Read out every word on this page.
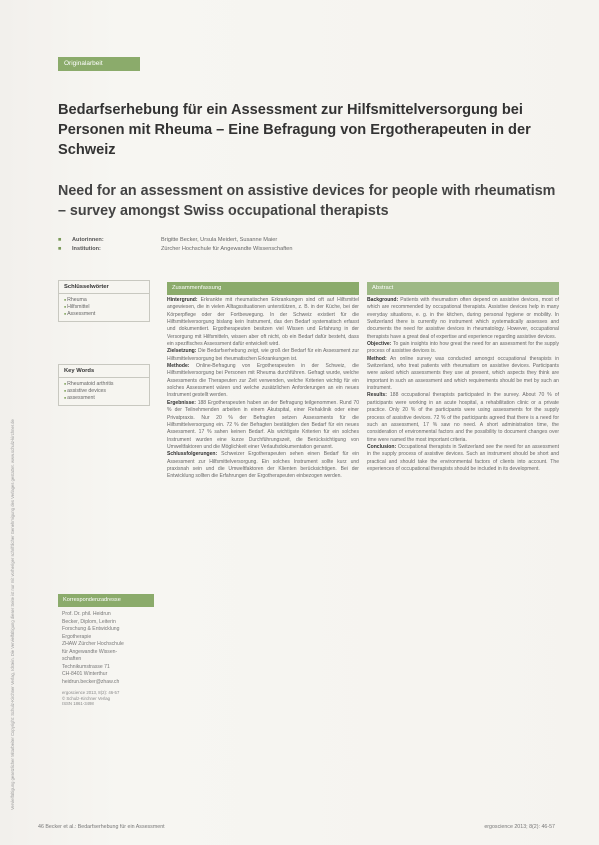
Vervielfältigung gesetzlicher Mitarbeiter Copyright: Schulz-Kirchner Verlag, Idstein. Die Vervielfältigung dieser Seite ist nur mit vorheriger schriftlicher Genehmigung des Verlages gestattet. www.schulz-kirchner.de
Originalarbeit
Bedarfserhebung für ein Assessment zur Hilfsmittelversorgung bei Personen mit Rheuma – Eine Befragung von Ergotherapeuten in der Schweiz
Need for an assessment on assistive devices for people with rheumatism – survey amongst Swiss occupational therapists
■	Autorinnen:	Brigitte Becker, Ursula Meidert, Susanne Maier
■	Institution:	Zürcher Hochschule für Angewandte Wissenschaften
Schlüsselwörter
■ Rheuma
■ Hilfsmittel
■ Assessment
Key Words
■ Rheumatoid arthritis
■ assistive devices
■ assessment
Korrespondenzadresse

Prof. Dr. phil. Heidrun

Becker, Diplom, Leiterin

Forschung & Entwicklung

Ergotherapie

ZHAW Zürcher Hochschule

für Angewandte Wissen-

schaften

Technikumstrasse 71

CH-8401 Winterthur

heidrun.becker@zhaw.ch

ergoscience 2013, 8(2): 46-57

© Schulz-Kirchner Verlag

ISSN 1861-3498

Zusammenfassung

Hintergrund: Erkrankte mit rheumatischen Erkrankungen sind oft auf Hilfsmittel angewiesen, die in vielen Alltagssituationen unterstützen, z. B. in der Küche, bei der Körperpflege oder der Fortbewegung. In der Schweiz existiert für die Hilfsmittelversorgung bislang kein Instrument, das den Bedarf systematisch erfasst und dokumentiert. Ergotherapeuten besitzen viel Wissen und Erfahrung in der Versorgung mit Hilfsmitteln, wissen aber oft nicht, ob ein Bedarf dafür besteht, dass ein spezifisches Assessment dafür entwickelt wird.

Zielsetzung: Die Bedarfserhebung zeigt, wie groß der Bedarf für ein Assessment zur Hilfsmittelversorgung bei rheumatischen Erkrankungen ist.

Methode: Online-Befragung von Ergotherapeuten in der Schweiz, die Hilfsmittelversorgung bei Personen mit Rheuma durchführen. Gefragt wurde, welche Assessments die Therapeuten zur Zeit verwenden, welche Kriterien wichtig für ein solches Assessment wären und welche zusätzlichen Anforderungen an ein neues Instrument gestellt werden.

Ergebnisse: 188 Ergotherapeuten haben an der Befragung teilgenommen. Rund 70 % der Teilnehmenden arbeiten in einem Akutspital, einer Rehaklinik oder einer Privatpraxis. Nur 20 % der Befragten setzen Assessments für die Hilfsmittelversorgung ein. 72 % der Befragten bestätigten den Bedarf für ein neues Assessment. 17 % sahen keinen Bedarf. Als wichtigste Kriterien für ein solches Instrument wurden eine kurze Durchführungszeit, die Berücksichtigung von Umweltfaktoren und die Möglichkeit einer Verlaufsdokumentation genannt.

Schlussfolgerungen: Schweizer Ergotherapeuten sehen einen Bedarf für ein Assessment zur Hilfsmittelversorgung. Ein solches Instrument sollte kurz und praxisnah sein und die Umweltfaktoren der Klienten berücksichtigen. Bei der Entwicklung sollten die Erfahrungen der Ergotherapeuten einbezogen werden.

Abstract

Background: Patients with rheumatism often depend on assistive devices, most of which are recommended by occupational therapists. Assistive devices help in many everyday situations, e. g. in the kitchen, during personal hygiene or mobility. In Switzerland there is currently no instrument which systematically assesses and documents the need for assistive devices in rheumatology. However, occupational therapists have a great deal of expertise and experience regarding assistive devices.

Objective: To gain insights into how great the need for an assessment for the supply process of assistive devices is.

Method: An online survey was conducted amongst occupational therapists in Switzerland, who treat patients with rheumatism on assistive devices. Participants were asked which assessments they use at present, which aspects they think are important in such an assessment and which requirements should be met by such an instrument.

Results: 188 occupational therapists participated in the survey. About 70 % of participants were working in an acute hospital, a rehabilitation clinic or a private practice. Only 20 % of the participants were using assessments for the supply process of assistive devices. 72 % of the participants agreed that there is a need for such an assessment, 17 % saw no need. A short administration time, the consideration of environmental factors and the possibility to document changes over time were named the most important criteria.

Conclusion: Occupational therapists in Switzerland see the need for an assessment in the supply process of assistive devices. Such an instrument should be short and practical and should take the environmental factors of clients into account. The experiences of occupational therapists should be included in its development.

46 Becker et al.: Bedarfserhebung für ein Assessment	ergoscience 2013; 8(2): 46-57
